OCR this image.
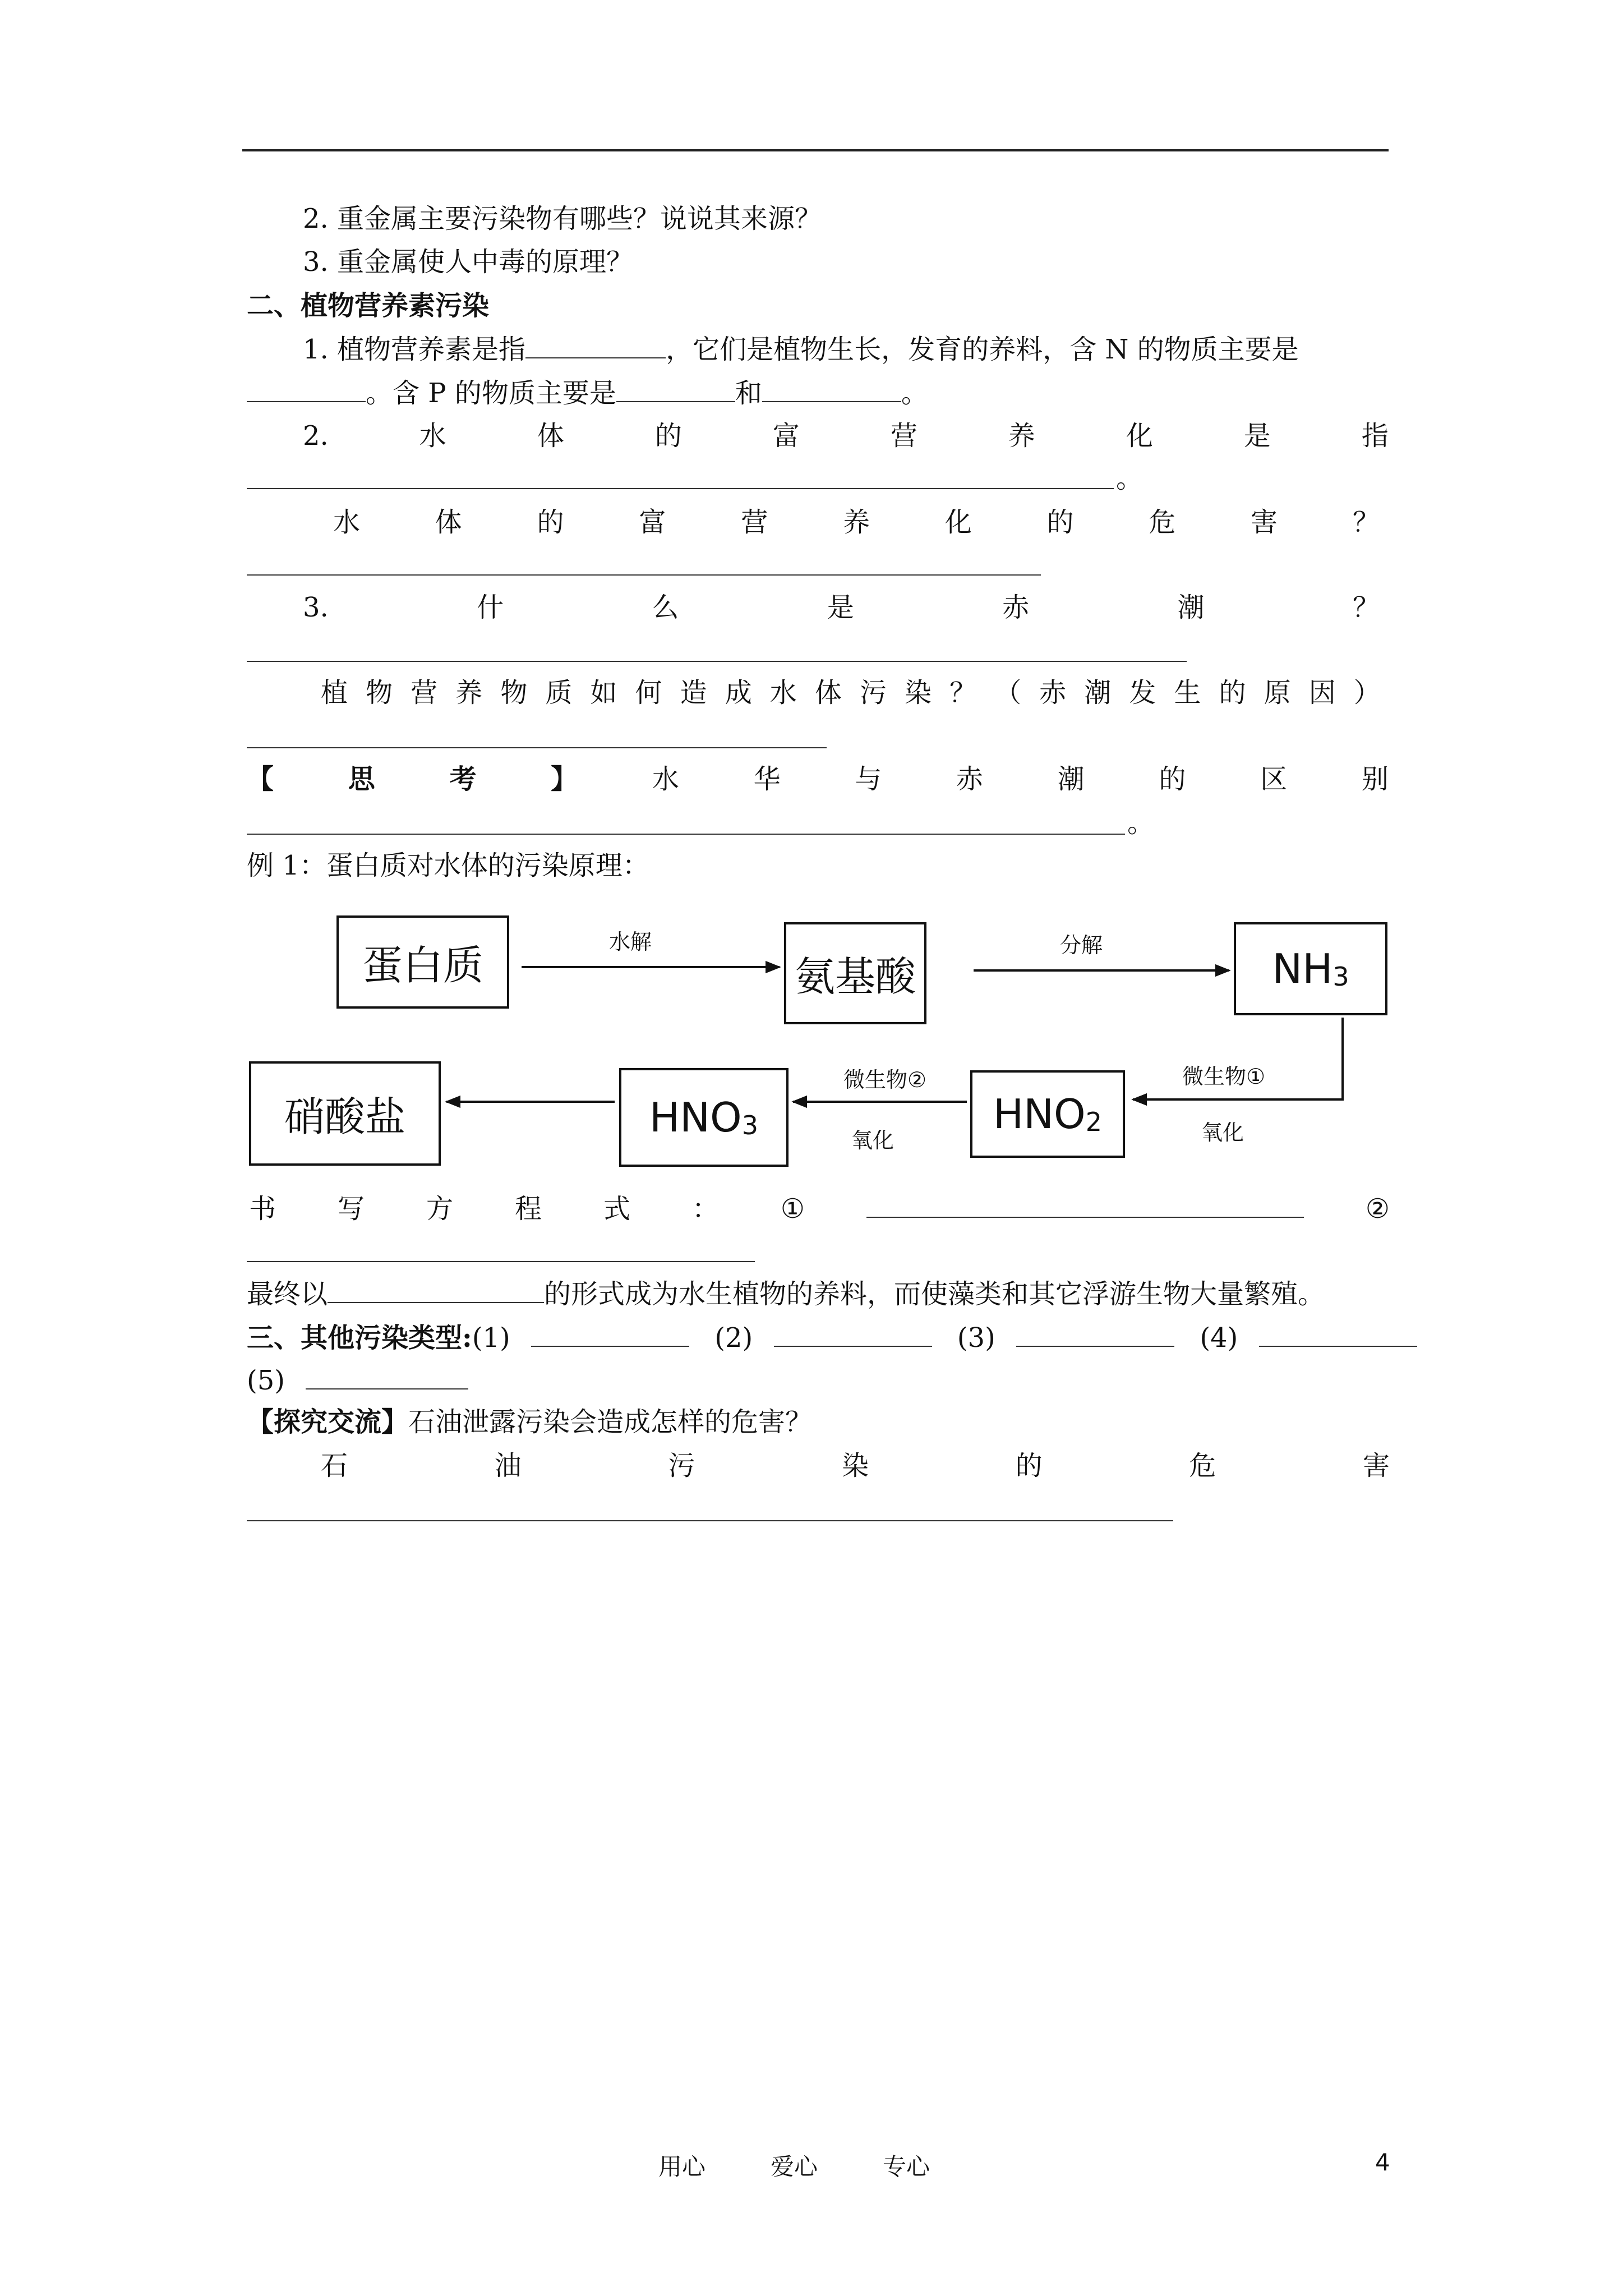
2. 重金属主要污染物有哪些？说说其来源？
3. 重金属使人中毒的原理？
二、植物营养素污染
1. 植物营养素是指	，它们是植物生长，发育的养料，含 N 的物质主要是
。含 P 的物质主要是	和	。
2.	水	体	的	富	营	养	化	是	指
。
水	体	的	富	营	养	化	的	危	害	？
3.	什	么	是	赤	潮	？
植 物 营 养 物 质 如 何 造 成 水 体 污 染 ？ （ 赤 潮 发 生 的 原 因 ）
【	思	考	】	水	华	与	赤	潮	的	区	别
。
例 1：蛋白质对水体的污染原理：
蛋白质	氨基酸	$NH_3$
$HNO_2$
$HNO_3$
硝酸盐
水解	分解
微生物①
氧化
微生物②
氧化
书 写 方 程 式 ： ①	②
最终以	的形式成为水生植物的养料，而使藻类和其它浮游生物大量繁殖。
三、其他污染类型:(1)	(2)	(3)	(4)
(5)
【探究交流】石油泄露污染会造成怎样的危害？
石	油	污	染	的	危	害
用心	爱心	专心	4
